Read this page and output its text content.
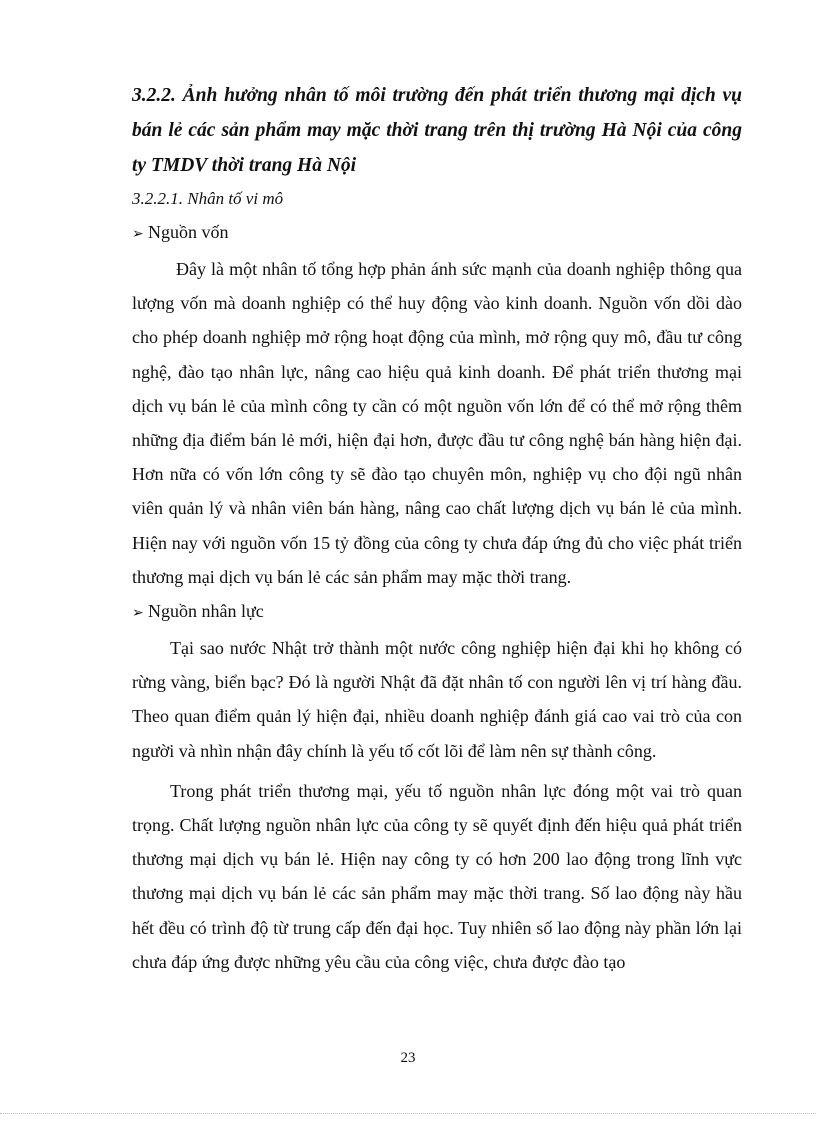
3.2.2. Ảnh hưởng nhân tố môi trường đến phát triển thương mại dịch vụ bán lẻ các sản phẩm may mặc thời trang trên thị trường Hà Nội của công ty TMDV thời trang Hà Nội

3.2.2.1. Nhân tố vi mô

➢ Nguồn vốn

Đây là một nhân tố tổng hợp phản ánh sức mạnh của doanh nghiệp thông qua lượng vốn mà doanh nghiệp có thể huy động vào kinh doanh. Nguồn vốn dồi dào cho phép doanh nghiệp mở rộng hoạt động của mình, mở rộng quy mô, đầu tư công nghệ, đào tạo nhân lực, nâng cao hiệu quả kinh doanh. Để phát triển thương mại dịch vụ bán lẻ của mình công ty cần có một nguồn vốn lớn để có thể mở rộng thêm những địa điểm bán lẻ mới, hiện đại hơn, được đầu tư công nghệ bán hàng hiện đại. Hơn nữa có vốn lớn công ty sẽ đào tạo chuyên môn, nghiệp vụ cho đội ngũ nhân viên quản lý và nhân viên bán hàng, nâng cao chất lượng dịch vụ bán lẻ của mình. Hiện nay với nguồn vốn 15 tỷ đồng của công ty chưa đáp ứng đủ cho việc phát triển thương mại dịch vụ bán lẻ các sản phẩm may mặc thời trang.

➢ Nguồn nhân lực

Tại sao nước Nhật trở thành một nước công nghiệp hiện đại khi họ không có rừng vàng, biển bạc? Đó là người Nhật đã đặt nhân tố con người lên vị trí hàng đầu. Theo quan điểm quản lý hiện đại, nhiều doanh nghiệp đánh giá cao vai trò của con người và nhìn nhận đây chính là yếu tố cốt lõi để làm nên sự thành công.

Trong phát triển thương mại, yếu tố nguồn nhân lực đóng một vai trò quan trọng. Chất lượng nguồn nhân lực của công ty sẽ quyết định đến hiệu quả phát triển thương mại dịch vụ bán lẻ. Hiện nay công ty có hơn 200 lao động trong lĩnh vực thương mại dịch vụ bán lẻ các sản phẩm may mặc thời trang. Số lao động này hầu hết đều có trình độ từ trung cấp đến đại học. Tuy nhiên số lao động này phần lớn lại chưa đáp ứng được những yêu cầu của công việc, chưa được đào tạo

23
